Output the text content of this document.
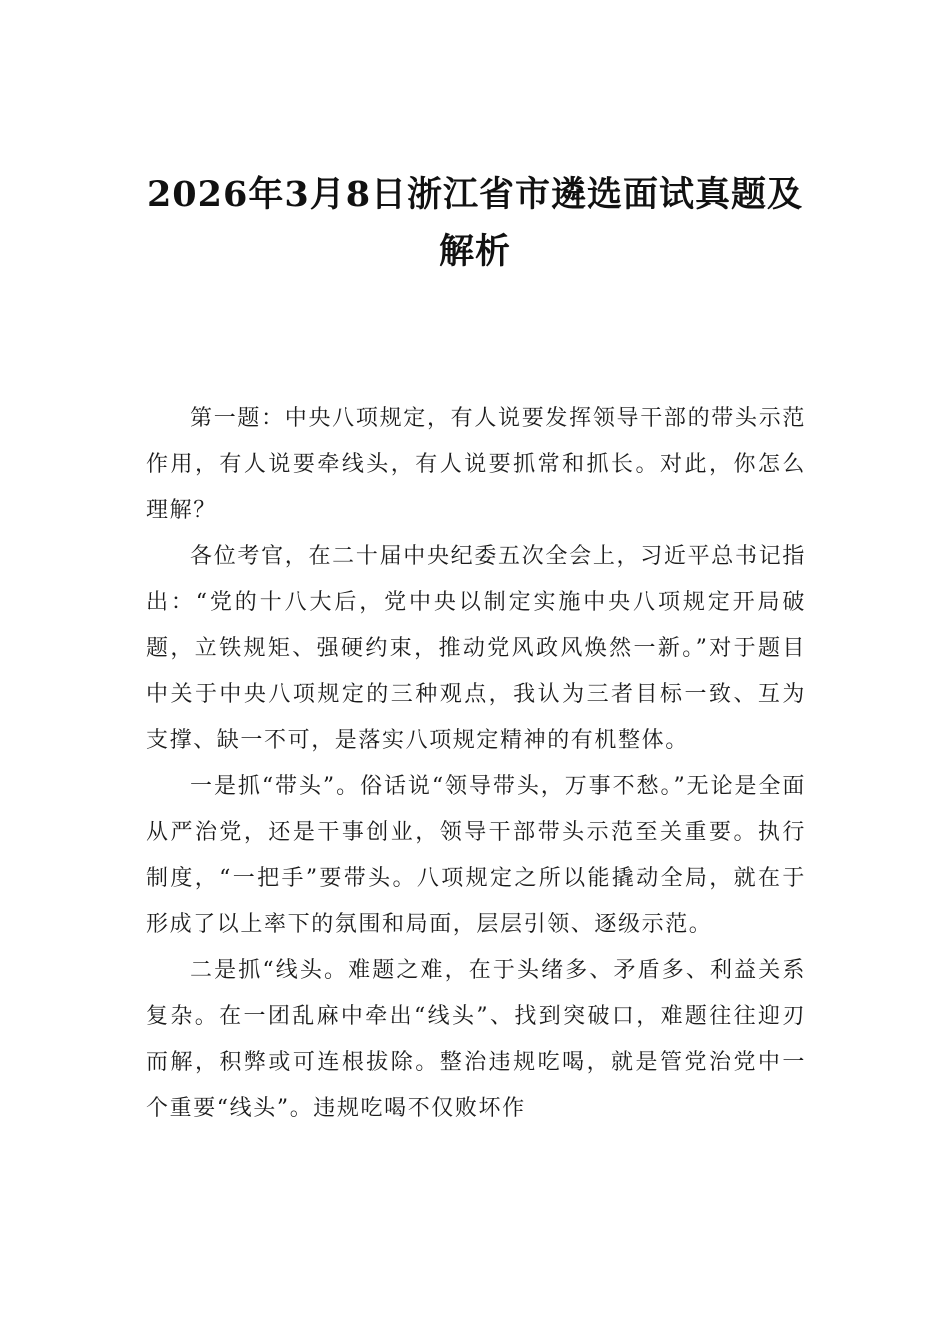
2026年3月8日浙江省市遴选面试真题及
解析

第一题：中央八项规定，有人说要发挥领导干部的带头示范作用，有人说要牵线头，有人说要抓常和抓长。对此，你怎么理解？

各位考官，在二十届中央纪委五次全会上，习近平总书记指出：“党的十八大后，党中央以制定实施中央八项规定开局破题，立铁规矩、强硬约束，推动党风政风焕然一新。”对于题目中关于中央八项规定的三种观点，我认为三者目标一致、互为支撑、缺一不可，是落实八项规定精神的有机整体。

一是抓“带头”。俗话说“领导带头，万事不愁。”无论是全面从严治党，还是干事创业，领导干部带头示范至关重要。执行制度，“一把手”要带头。八项规定之所以能撬动全局，就在于形成了以上率下的氛围和局面，层层引领、逐级示范。

二是抓“线头。难题之难，在于头绪多、矛盾多、利益关系复杂。在一团乱麻中牵出“线头”、找到突破口，难题往往迎刃而解，积弊或可连根拔除。整治违规吃喝，就是管党治党中一个重要“线头”。违规吃喝不仅败坏作
